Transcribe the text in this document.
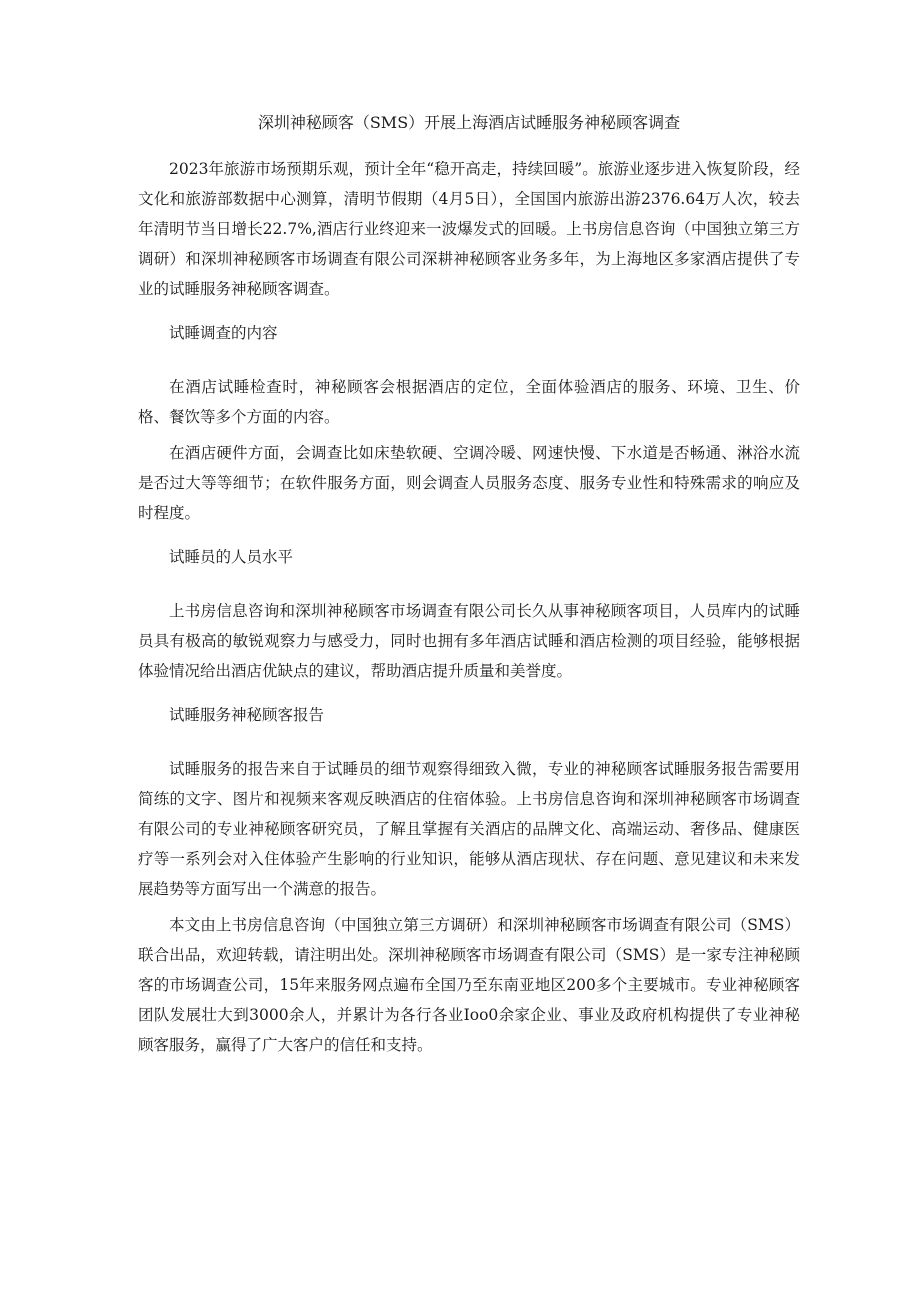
深圳神秘顾客（SMS）开展上海酒店试睡服务神秘顾客调查

2023年旅游市场预期乐观，预计全年“稳开高走，持续回暖”。旅游业逐步进入恢复阶段，经文化和旅游部数据中心测算，清明节假期（4月5日），全国国内旅游出游2376.64万人次，较去年清明节当日增长22.7%,酒店行业终迎来一波爆发式的回暖。上书房信息咨询（中国独立第三方调研）和深圳神秘顾客市场调查有限公司深耕神秘顾客业务多年，为上海地区多家酒店提供了专业的试睡服务神秘顾客调查。

试睡调查的内容

在酒店试睡检查时，神秘顾客会根据酒店的定位，全面体验酒店的服务、环境、卫生、价格、餐饮等多个方面的内容。

在酒店硬件方面，会调查比如床垫软硬、空调冷暖、网速快慢、下水道是否畅通、淋浴水流是否过大等等细节；在软件服务方面，则会调查人员服务态度、服务专业性和特殊需求的响应及时程度。

试睡员的人员水平

上书房信息咨询和深圳神秘顾客市场调查有限公司长久从事神秘顾客项目，人员库内的试睡员具有极高的敏锐观察力与感受力，同时也拥有多年酒店试睡和酒店检测的项目经验，能够根据体验情况给出酒店优缺点的建议，帮助酒店提升质量和美誉度。

试睡服务神秘顾客报告

试睡服务的报告来自于试睡员的细节观察得细致入微，专业的神秘顾客试睡服务报告需要用简练的文字、图片和视频来客观反映酒店的住宿体验。上书房信息咨询和深圳神秘顾客市场调查有限公司的专业神秘顾客研究员，了解且掌握有关酒店的品牌文化、高端运动、奢侈品、健康医疗等一系列会对入住体验产生影响的行业知识，能够从酒店现状、存在问题、意见建议和未来发展趋势等方面写出一个满意的报告。

本文由上书房信息咨询（中国独立第三方调研）和深圳神秘顾客市场调查有限公司（SMS）联合出品，欢迎转载，请注明出处。深圳神秘顾客市场调查有限公司（SMS）是一家专注神秘顾客的市场调查公司，15年来服务网点遍布全国乃至东南亚地区200多个主要城市。专业神秘顾客团队发展壮大到3000余人，并累计为各行各业Ioo0余家企业、事业及政府机构提供了专业神秘顾客服务，赢得了广大客户的信任和支持。
